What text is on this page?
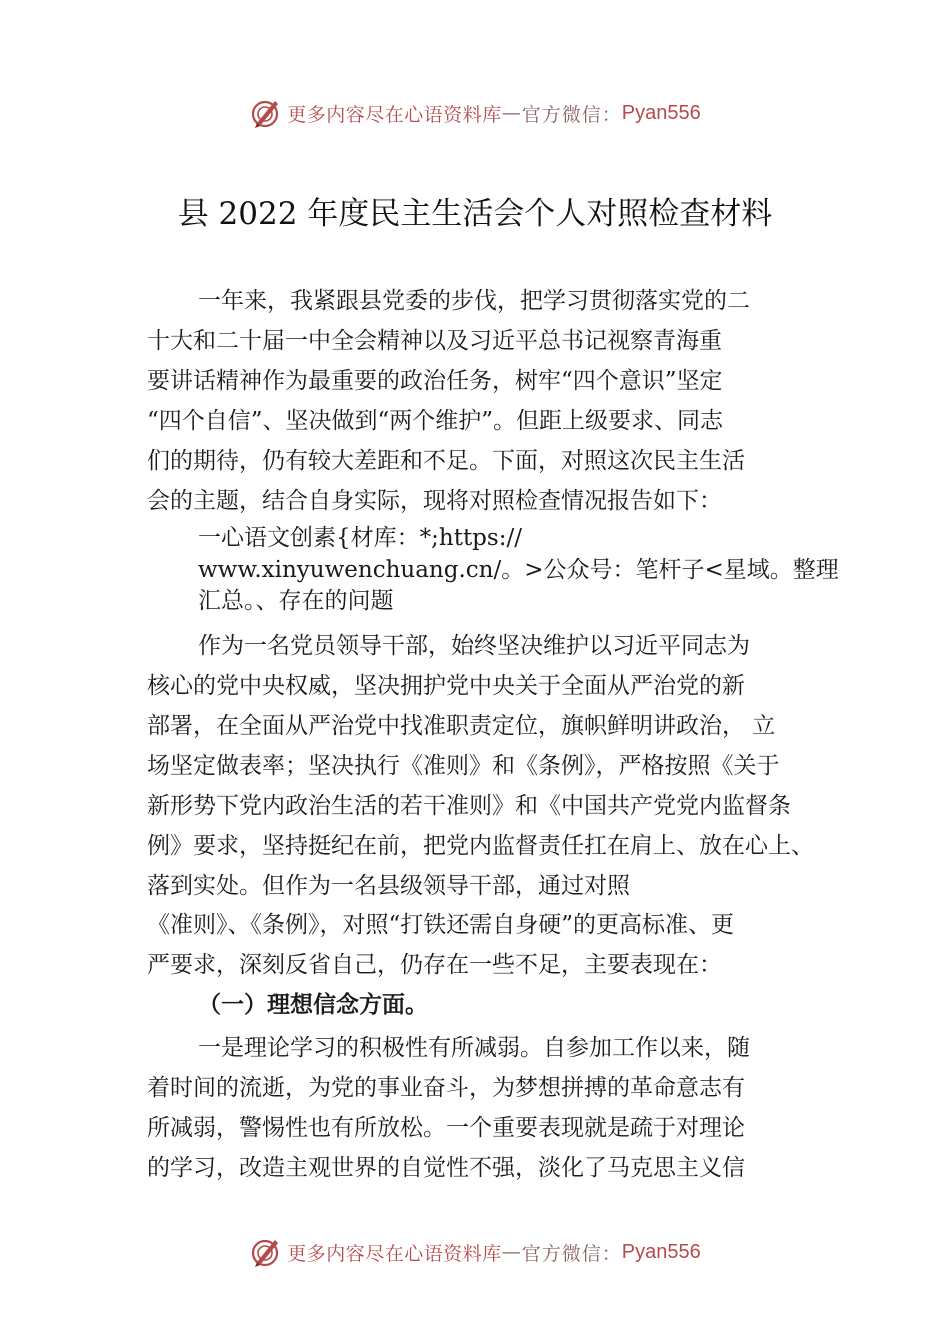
更多内容尽在心语资料库 — 官方微信： Pyan556
县 2022 年度民主生活会个人对照检查材料
一年来，我紧跟县党委的步伐，把学习贯彻落实党的二
十大和二十届一中全会精神以及习近平总书记视察青海重
要讲话精神作为最重要的政治任务，树牢“四个意识”坚定
“四个自信”、坚决做到“两个维护”。但距上级要求、同志
们的期待，仍有较大差距和不足。下面，对照这次民主生活
会的主题，结合自身实际，现将对照检查情况报告如下：
一心语文创素{材库：*;https://
www.xinyuwenchuang.cn/。>公众号：笔杆子<星域。整理
汇总。、存在的问题
作为一名党员领导干部，始终坚决维护以习近平同志为
核心的党中央权威，坚决拥护党中央关于全面从严治党的新
部署，在全面从严治党中找准职责定位，旗帜鲜明讲政治， 立
场坚定做表率；坚决执行《准则》和《条例》，严格按照《关于
新形势下党内政治生活的若干准则》和《中国共产党党内监督条
例》要求，坚持挺纪在前，把党内监督责任扛在肩上、放在心上、
落到实处。但作为一名县级领导干部，通过对照
《准则》、《条例》，对照“打铁还需自身硬”的更高标准、更
严要求，深刻反省自己，仍存在一些不足，主要表现在：
（一）理想信念方面。
一是理论学习的积极性有所减弱。自参加工作以来，随
着时间的流逝，为党的事业奋斗，为梦想拼搏的革命意志有
所减弱，警惕性也有所放松。一个重要表现就是疏于对理论
的学习，改造主观世界的自觉性不强，淡化了马克思主义信
更多内容尽在心语资料库 — 官方微信： Pyan556
